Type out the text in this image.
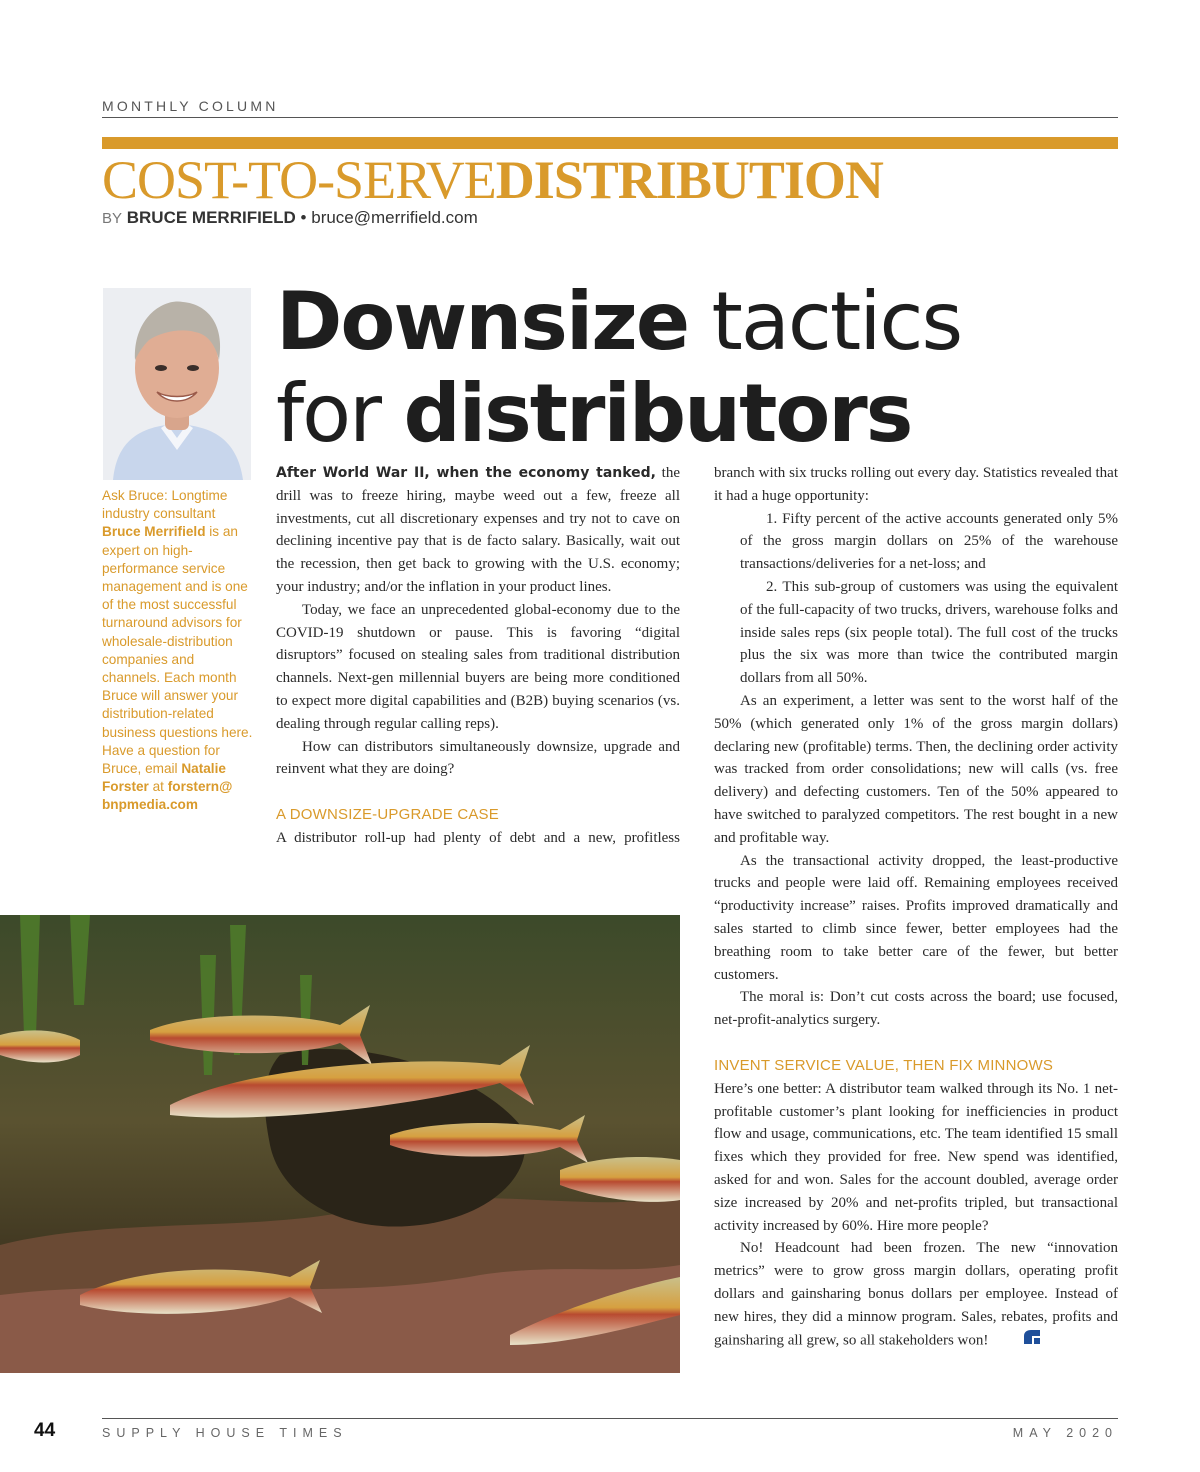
MONTHLY COLUMN
COST-TO-SERVEDISTRIBUTION
BY BRUCE MERRIFIELD • bruce@merrifield.com
Downsize tactics
for distributors
Ask Bruce: Longtime industry consultant Bruce Merrifield is an expert on high-performance service management and is one of the most successful turnaround advisors for wholesale-distribution companies and channels. Each month Bruce will answer your distribution-related business questions here. Have a question for Bruce, email Natalie Forster at forstern@ bnpmedia.com

After World War II, when the economy tanked, the drill was to freeze hiring, maybe weed out a few, freeze all investments, cut all discretionary expenses and try not to cave on declining incentive pay that is de facto salary. Basically, wait out the recession, then get back to growing with the U.S. economy; your industry; and/or the inflation in your product lines.

Today, we face an unprecedented global-economy due to the COVID-19 shutdown or pause. This is favoring “digital disruptors” focused on stealing sales from traditional distribution channels. Next-gen millennial buyers are being more conditioned to expect more digital capabilities and (B2B) buying scenarios (vs. dealing through regular calling reps).

How can distributors simultaneously downsize, upgrade and reinvent what they are doing?

A DOWNSIZE-UPGRADE CASE

A distributor roll-up had plenty of debt and a new, profitless

branch with six trucks rolling out every day. Statistics revealed that it had a huge opportunity:

1. Fifty percent of the active accounts generated only 5% of the gross margin dollars on 25% of the warehouse transactions/deliveries for a net-loss; and

2. This sub-group of customers was using the equivalent of the full-capacity of two trucks, drivers, warehouse folks and inside sales reps (six people total). The full cost of the trucks plus the six was more than twice the contributed margin dollars from all 50%.

As an experiment, a letter was sent to the worst half of the 50% (which generated only 1% of the gross margin dollars) declaring new (profitable) terms. Then, the declining order activity was tracked from order consolidations; new will calls (vs. free delivery) and defecting customers. Ten of the 50% appeared to have switched to paralyzed competitors. The rest bought in a new and profitable way.

As the transactional activity dropped, the least-productive trucks and people were laid off. Remaining employees received “productivity increase” raises. Profits improved dramatically and sales started to climb since fewer, better employees had the breathing room to take better care of the fewer, but better customers.

The moral is: Don’t cut costs across the board; use focused, net-profit-analytics surgery.

INVENT SERVICE VALUE, THEN FIX MINNOWS

Here’s one better: A distributor team walked through its No. 1 net-profitable customer’s plant looking for inefficiencies in product flow and usage, communications, etc. The team identified 15 small fixes which they provided for free. New spend was identified, asked for and won. Sales for the account doubled, average order size increased by 20% and net-profits tripled, but transactional activity increased by 60%. Hire more people?

No! Headcount had been frozen. The new “innovation metrics” were to grow gross margin dollars, operating profit dollars and gainsharing bonus dollars per employee. Instead of new hires, they did a minnow program. Sales, rebates, profits and gainsharing all grew, so all stakeholders won!

44	SUPPLY HOUSE TIMES	MAY 2020
